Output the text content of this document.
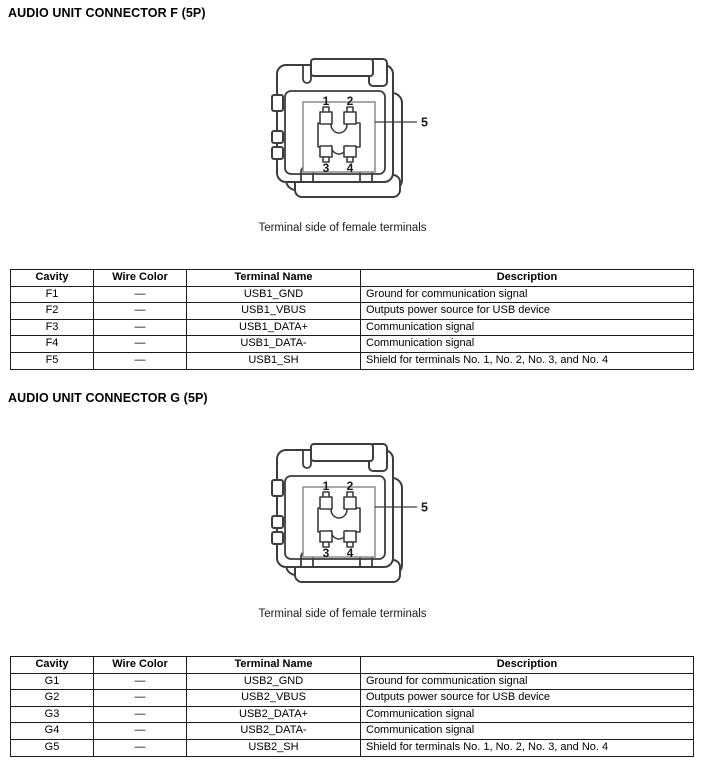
AUDIO UNIT CONNECTOR F (5P)
1 2
3 4
5
Terminal side of female terminals
Cavity	Wire Color	Terminal Name	Description
F1	—	USB1_GND	Ground for communication signal
F2	—	USB1_VBUS	Outputs power source for USB device
F3	—	USB1_DATA+	Communication signal
F4	—	USB1_DATA-	Communication signal
F5	—	USB1_SH	Shield for terminals No. 1, No. 2, No. 3, and No. 4
AUDIO UNIT CONNECTOR G (5P)
1 2
3 4
5
Terminal side of female terminals
Cavity	Wire Color	Terminal Name	Description
G1	—	USB2_GND	Ground for communication signal
G2	—	USB2_VBUS	Outputs power source for USB device
G3	—	USB2_DATA+	Communication signal
G4	—	USB2_DATA-	Communication signal
G5	—	USB2_SH	Shield for terminals No. 1, No. 2, No. 3, and No. 4
